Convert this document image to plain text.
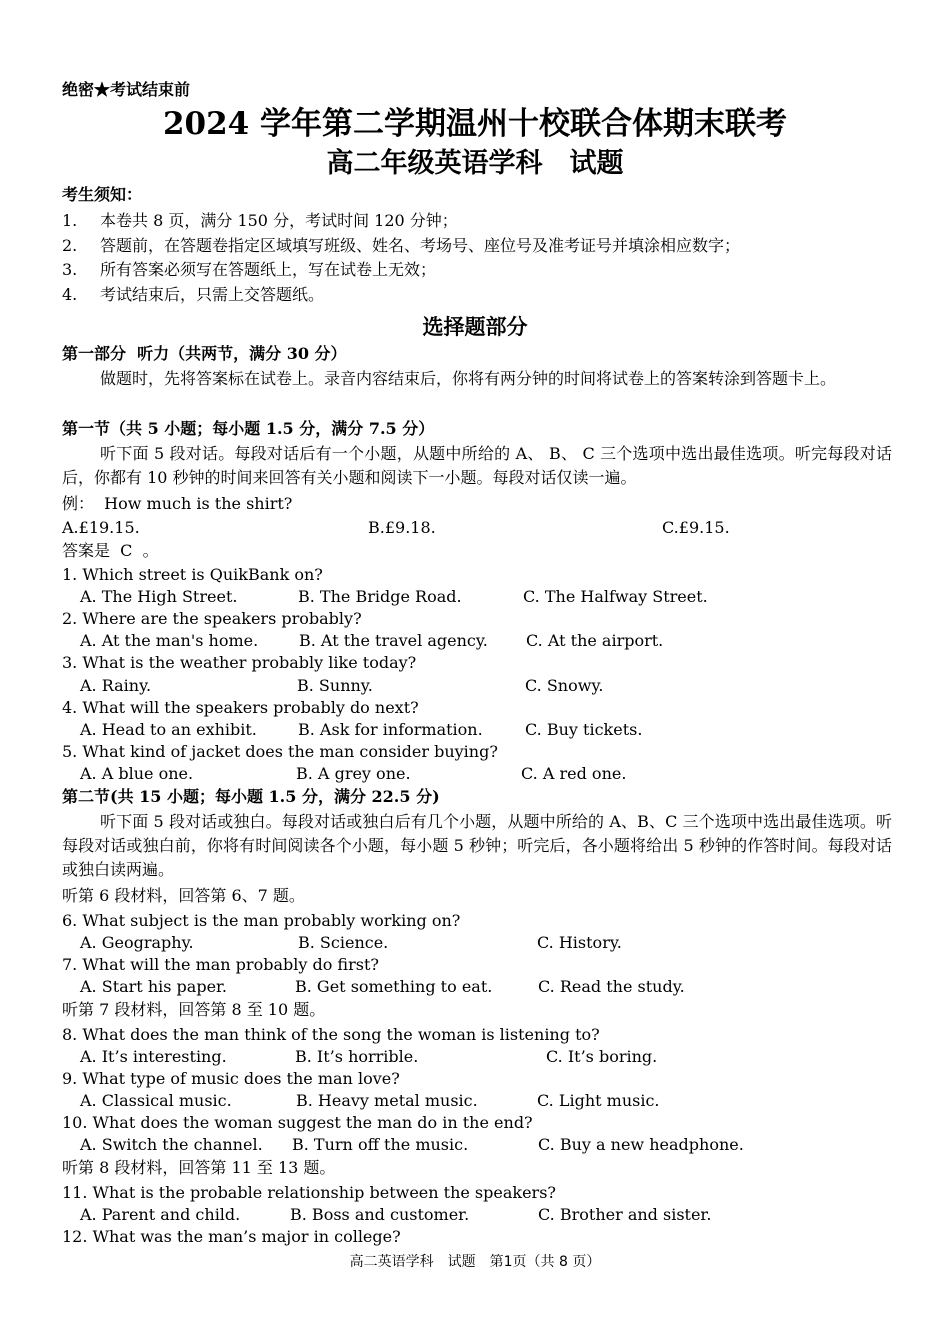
绝密★考试结束前
2024 学年第二学期温州十校联合体期末联考
高二年级英语学科　试题
考生须知：
1. 本卷共 8 页，满分 150 分，考试时间 120 分钟；
2. 答题前，在答题卷指定区域填写班级、姓名、考场号、座位号及准考证号并填涂相应数字；
3. 所有答案必须写在答题纸上，写在试卷上无效；
4. 考试结束后，只需上交答题纸。
选择题部分
第一部分  听力（共两节，满分 30 分）
做题时，先将答案标在试卷上。录音内容结束后，你将有两分钟的时间将试卷上的答案转涂到答题卡上。
第一节（共 5 小题；每小题 1.5 分，满分 7.5 分）
听下面 5 段对话。每段对话后有一个小题，从题中所给的 A、 B、 C 三个选项中选出最佳选项。听完每段对话后，你都有 10 秒钟的时间来回答有关小题和阅读下一小题。每段对话仅读一遍。
例：  How much is the shirt?

A.£19.15.

	B.£9.18.

	C.£9.15.

答案是  C  。
1. Which street is QuikBank on?

A. The High Street.

	B. The Bridge Road.

	C. The Halfway Street.

2. Where are the speakers probably?

A. At the man's home.

	B. At the travel agency.

C. At the airport.

3. What is the weather probably like today?

A. Rainy.

	B. Sunny.

	C. Snowy.

4. What will the speakers probably do next?

A. Head to an exhibit.

	B. Ask for information.

	C. Buy tickets.

5. What kind of jacket does the man consider buying?

A. A blue one.

	B. A grey one.

	C. A red one.

第二节(共 15 小题；每小题 1.5 分，满分 22.5 分)
听下面 5 段对话或独白。每段对话或独白后有几个小题，从题中所给的 A、B、C 三个选项中选出最佳选项。听每段对话或独白前，你将有时间阅读各个小题，每小题 5 秒钟；听完后，各小题将给出 5 秒钟的作答时间。每段对话或独白读两遍。
听第 6 段材料，回答第 6、7 题。
6. What subject is the man probably working on?

A. Geography.

	B. Science.

	C. History.

7. What will the man probably do first?

A. Start his paper.

	B. Get something to eat.

	C. Read the study.

听第 7 段材料，回答第 8 至 10 题。
8. What does the man think of the song the woman is listening to?

A. It’s interesting.

	B. It’s horrible.

	C. It’s boring.

9. What type of music does the man love?

A. Classical music.

	B. Heavy metal music.

	C. Light music.

10. What does the woman suggest the man do in the end?

A. Switch the channel.

B. Turn off the music.

	C. Buy a new headphone.

听第 8 段材料，回答第 11 至 13 题。
11. What is the probable relationship between the speakers?

A. Parent and child.

	B. Boss and customer.

	C. Brother and sister.

12. What was the man’s major in college?
高二英语学科　试题　第1页（共 8 页）
